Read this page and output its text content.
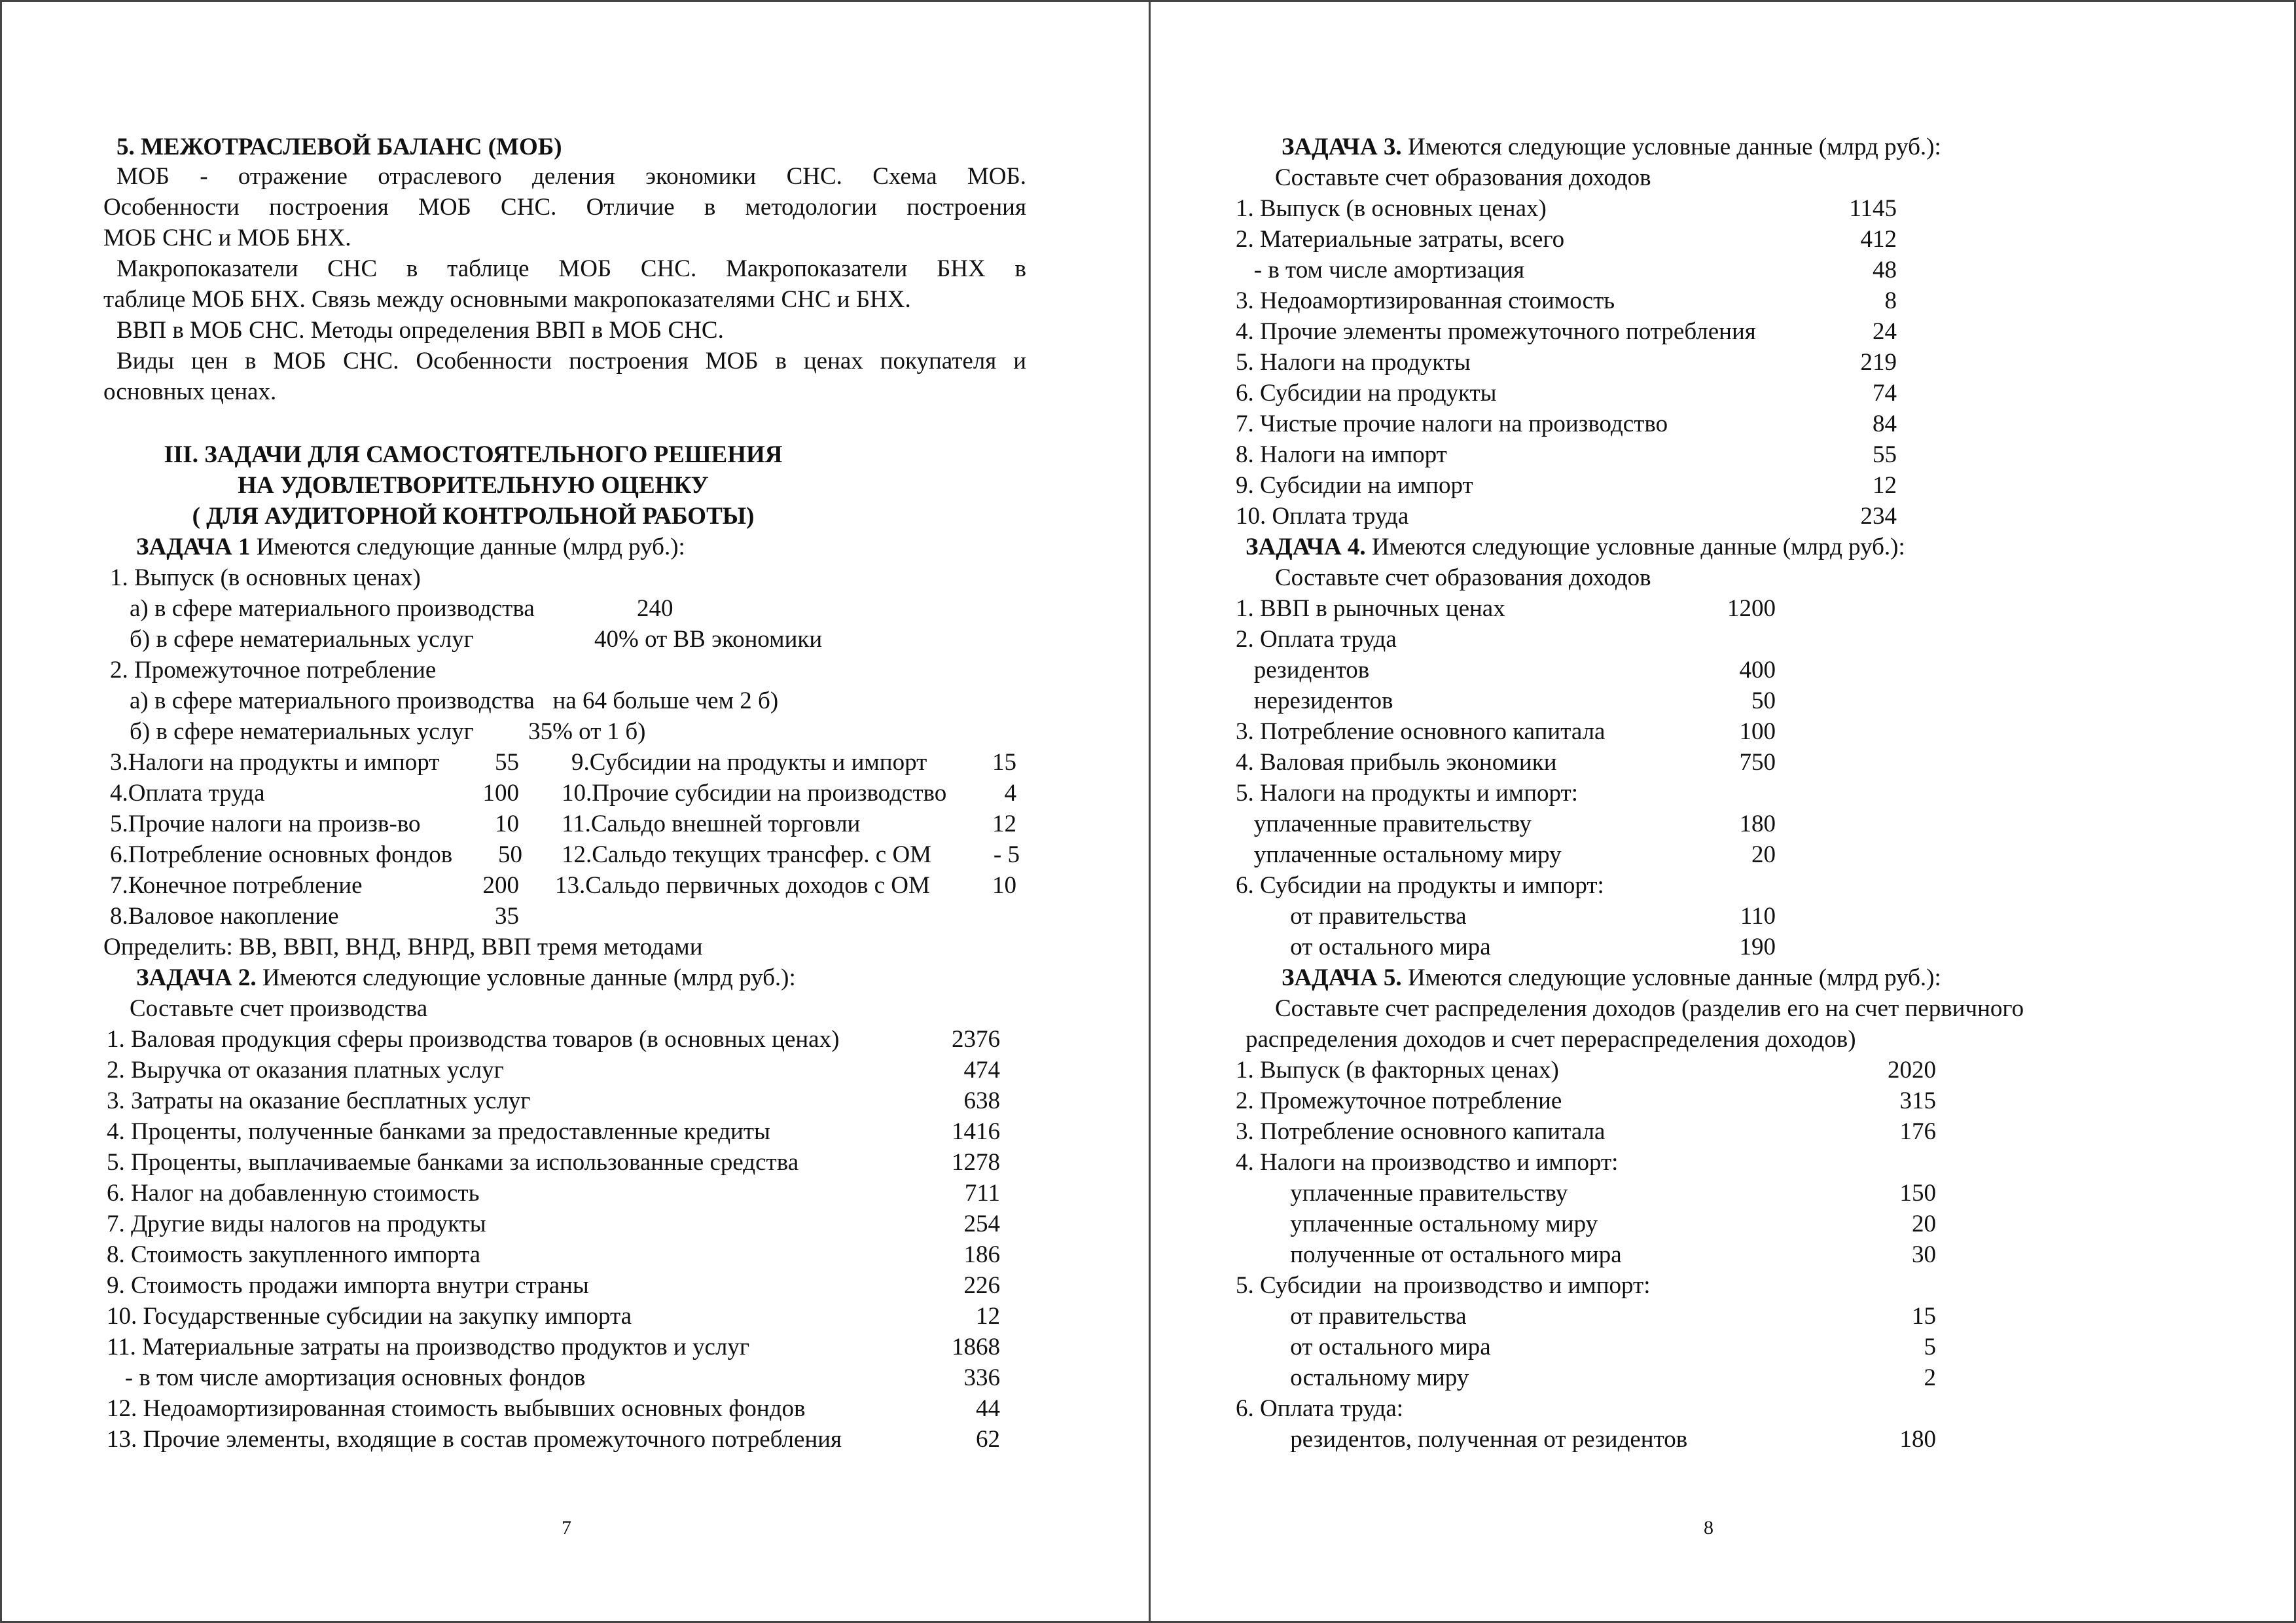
5. МЕЖОТРАСЛЕВОЙ БАЛАНС (МОБ)
МОБ - отражение отраслевого деления экономики СНС. Схема МОБ.
Особенности построения МОБ СНС. Отличие в методологии построения
МОБ СНС и МОБ БНХ.
Макропоказатели СНС в таблице МОБ СНС. Макропоказатели БНХ в
таблице МОБ БНХ. Связь между основными макропоказателями СНС и БНХ.
ВВП в МОБ СНС. Методы определения ВВП в МОБ СНС.
Виды цен в МОБ СНС. Особенности построения МОБ в ценах покупателя и
основных ценах.
III. ЗАДАЧИ ДЛЯ САМОСТОЯТЕЛЬНОГО РЕШЕНИЯ
НА УДОВЛЕТВОРИТЕЛЬНУЮ ОЦЕНКУ
( ДЛЯ АУДИТОРНОЙ КОНТРОЛЬНОЙ РАБОТЫ)
ЗАДАЧА 1 Имеются следующие данные (млрд руб.):
1. Выпуск (в основных ценах)
а) в сфере материального производства	240
б) в сфере нематериальных услуг	40% от ВВ экономики
2. Промежуточное потребление
а) в сфере материального производства   на 64 больше чем 2 б)
б) в сфере нематериальных услуг         35% от 1 б)
3.Налоги на продукты и импорт	55 9.Субсидии на продукты и импорт	15
4.Оплата труда	100 10.Прочие субсидии на производство	4
5.Прочие налоги на произв-во	10 11.Сальдо внешней торговли	12
6.Потребление основных фондов	50 12.Сальдо текущих трансфер. с ОМ	- 5
7.Конечное потребление	200 13.Сальдо первичных доходов с ОМ	10
8.Валовое накопление	35
Определить: ВВ, ВВП, ВНД, ВНРД, ВВП тремя методами
ЗАДАЧА 2. Имеются следующие условные данные (млрд руб.):
Составьте счет производства
1. Валовая продукция сферы производства товаров (в основных ценах)	2376
2. Выручка от оказания платных услуг	474
3. Затраты на оказание бесплатных услуг	638
4. Проценты, полученные банками за предоставленные кредиты	1416
5. Проценты, выплачиваемые банками за использованные средства	1278
6. Налог на добавленную стоимость	711
7. Другие виды налогов на продукты	254
8. Стоимость закупленного импорта	186
9. Стоимость продажи импорта внутри страны	226
10. Государственные субсидии на закупку импорта	12
11. Материальные затраты на производство продуктов и услуг	1868
- в том числе амортизация основных фондов	336
12. Недоамортизированная стоимость выбывших основных фондов	44
13. Прочие элементы, входящие в состав промежуточного потребления	62
7
ЗАДАЧА 3. Имеются следующие условные данные (млрд руб.):
Составьте счет образования доходов
1. Выпуск (в основных ценах)	1145
2. Материальные затраты, всего	412
- в том числе амортизация	48
3. Недоамортизированная стоимость	8
4. Прочие элементы промежуточного потребления	24
5. Налоги на продукты	219
6. Субсидии на продукты	74
7. Чистые прочие налоги на производство	84
8. Налоги на импорт	55
9. Субсидии на импорт	12
10. Оплата труда	234
ЗАДАЧА 4. Имеются следующие условные данные (млрд руб.):
Составьте счет образования доходов
1. ВВП в рыночных ценах	1200
2. Оплата труда
резидентов	400
нерезидентов	50
3. Потребление основного капитала	100
4. Валовая прибыль экономики	750
5. Налоги на продукты и импорт:
уплаченные правительству	180
уплаченные остальному миру	20
6. Субсидии на продукты и импорт:
от правительства	110
от остального мира	190
ЗАДАЧА 5. Имеются следующие условные данные (млрд руб.):
Составьте счет распределения доходов (разделив его на счет первичного
распределения доходов и счет перераспределения доходов)
1. Выпуск (в факторных ценах)	2020
2. Промежуточное потребление	315
3. Потребление основного капитала	176
4. Налоги на производство и импорт:
уплаченные правительству	150
уплаченные остальному миру	20
полученные от остального мира	30
5. Субсидии  на производство и импорт:
от правительства	15
от остального мира	5
остальному миру	2
6. Оплата труда:
резидентов, полученная от резидентов	180
8
